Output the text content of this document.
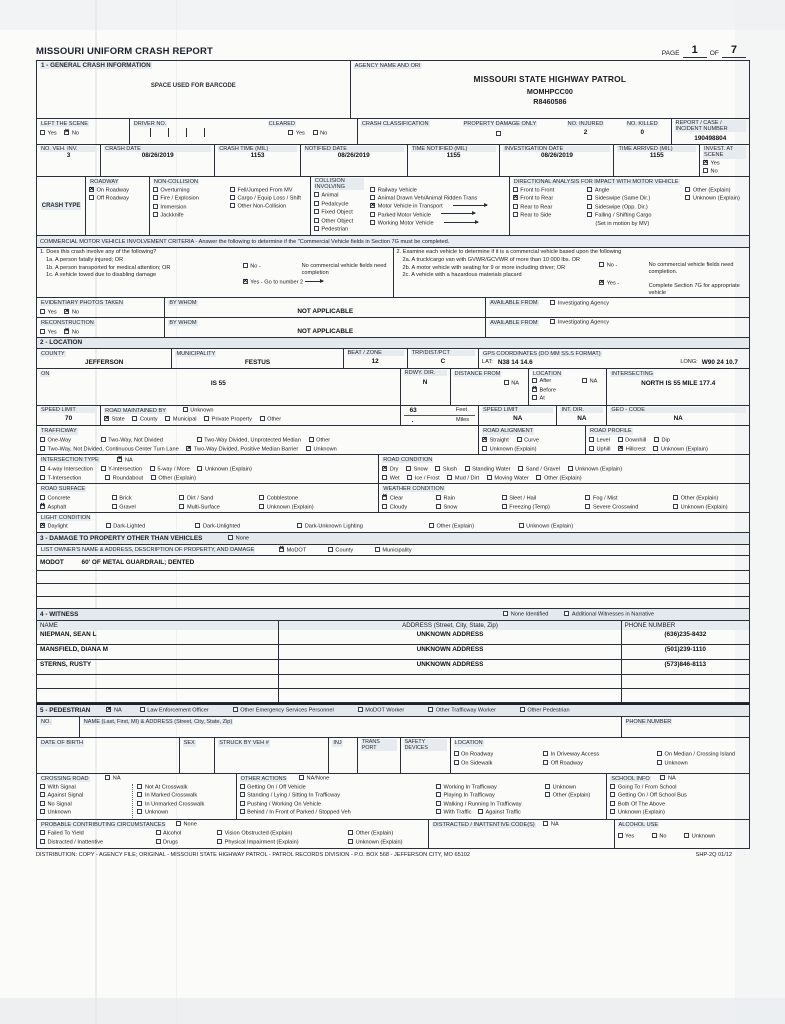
MISSOURI UNIFORM CRASH REPORT	PAGE	1	OF	7
1 - GENERAL CRASH INFORMATION
SPACE USED FOR BARCODE
	AGENCY NAME AND ORI
MISSOURI STATE HIGHWAY PATROL
MOMHPCC00
R8460586
LEFT THE SCENE
Yes ×	No
	DRIVER NO.	CLEARED
Yes	No
	CRASH CLASSIFICATION	PROPERTY DAMAGE ONLY	NO. INJURED
2
	NO. KILLED
0

REPORT / CASE / INCIDENT NUMBER
190498804
NO. VEH. INV.
3

CRASH DATE
08/26/2019

CRASH TIME (MIL)
1153

NOTIFIED DATE
08/26/2019

TIME NOTIFIED (MIL)
1155

INVESTIGATION DATE
08/26/2019

TIME ARRIVED (MIL)
1155
	INVEST. AT SCENE
×Yes No
CRASH TYPE	ROADWAY
×On Roadway
Off Roadway
	NON-COLLISION
Overturning
Fire / Explosion
Immersion
Jackknife

Fell/Jumped From MV
Cargo / Equip Loss / Shift
Other Non-Collision
	COLLISION INVOLVING
Animal
Pedalcycle
Fixed Object
Other Object
Pedestrian

Railway Vehicle
Animal Drawn Veh/Animal Ridden Trans
×Motor Vehicle in Transport
Parked Motor Vehicle
Working Motor Vehicle
	DIRECTIONAL ANALYSIS FOR IMPACT WITH MOTOR VEHICLE
Front to Front
×Front to Rear
Rear to Rear
Rear to Side
Angle
Sideswipe (Same Dir.)
Sideswipe (Opp. Dir.)
Falling / Shifting Cargo
(Set in motion by MV)
Other (Explain)
Unknown (Explain)
COMMERCIAL MOTOR VEHICLE INVOLVEMENT CRITERIA - Answer the following to determine if the "Commercial Vehicle fields in Section 7G must be completed.
1. Does this crash involve any of the following?
1a. A person fatally injured; OR
1b. A person transported for medical attention; OR
1c. A vehicle towed due to disabling damage
No -
×Yes - Go to number 2
No commercial vehicle fields need completion

2. Examine each vehicle to determine if it is a commercial vehicle based upon the following
2a. A truck/cargo van with GVWR/GCVWR of more than 10 000 lbs. OR
2b. A motor vehicle with seating for 9 or more including driver; OR
2c. A vehicle with a hazardous materials placard
No -
×Yes -
No commercial vehicle fields need completion.
Complete Section 7G for appropriate vehicle
EVIDENTIARY PHOTOS TAKEN
Yes ×	No
	BY WHOM
NOT APPLICABLE
	AVAILABLE FROM	Investigating Agency
RECONSTRUCTION
Yes ×	No
	BY WHOM
NOT APPLICABLE
	AVAILABLE FROM	Investigating Agency
2 - LOCATION
COUNTY
JEFFERSON
	MUNICIPALITY
FESTUS

BEAT / ZONE
12

TRP/DIST/PCT
C
	GPS COORDINATES (DO MM SS.S FORMAT)
LAT: N38 14 14.6	LONG: W90 24 10.7
ON
IS 55

RDWY. DIR.
N
	DISTANCE FROM
NA
	LOCATION
After	NA
×Before
At
	INTERSECTING
NORTH IS 55 MILE 177.4
SPEED LIMIT
70
	ROAD MAINTAINED BY	Unknown
×State	County	Municipal	Private Property	Other

63	Feet
.	Miles

SPEED LIMIT
NA

INT. DIR.
NA

GEO - CODE
NA
TRAFFICWAY
One-Way	Two-Way, Not Divided	Two-Way Divided, Unprotected Median	Other
Two-Way, Not Divided, Continuous Center Turn Lane ×	Two-Way Divided, Positive Median Barrier	Unknown
	ROAD ALIGNMENT
×Straight	Curve
Unknown (Explain)
	ROAD PROFILE
Level	Downhill	Dip
Uphill ×	Hillcrest	Unknown (Explain)
INTERSECTION TYPE ×	NA
4-way Intersection	Y-Intersection	5-way / More	Unknown (Explain)
T-Intersection	Roundabout	Other (Explain)
	ROAD CONDITION
×Dry	Snow	Slush	Standing Water	Sand / Gravel	Unknown (Explain)
Wet	Ice / Frost	Mud / Dirt	Moving Water	Other (Explain)
ROAD SURFACE
Concrete	Brick	Dirt / Sand	Cobblestone
×Asphalt	Gravel	Multi-Surface	Unknown (Explain)
	WEATHER CONDITION
×Clear	Rain	Sleet / Hail	Fog / Mist	Other (Explain)
Cloudy	Snow	Freezing (Temp)	Severe Crosswind	Unknown (Explain)
LIGHT CONDITION
×Daylight	Dark-Lighted	Dark-Unlighted	Dark-Unknown Lighting	Other (Explain)	Unknown (Explain)
3 - DAMAGE TO PROPERTY OTHER THAN VEHICLES	None
LIST OWNER'S NAME & ADDRESS, DESCRIPTION OF PROPERTY, AND DAMAGE ×	MoDOT	County	Municipality
MODOT	60' OF METAL GUARDRAIL; DENTED
4 - WITNESS	None Identified	Additional Witnesses in Narrative
NAME	ADDRESS (Street, City, State, Zip)	PHONE NUMBER
NIEPMAN, SEAN L	UNKNOWN ADDRESS	(636)235-8432
MANSFIELD, DIANA M	UNKNOWN ADDRESS	(501)239-1110
STERNS, RUSTY	UNKNOWN ADDRESS	(573)846-8113

5 - PEDESTRIAN ×	NA	Law Enforcement Officer	Other Emergency Services Personnel	MoDOT Worker	Other Trafficway Worker	Other Pedestrian
NO.	NAME (Last, First, MI) & ADDRESS (Street, City, State, Zip)	PHONE NUMBER
DATE OF BIRTH	SEX	STRUCK BY VEH #	INJ	TRANS PORT

SAFETY DEVICES
	LOCATION
On Roadway	In Driveway Access	On Median / Crossing Island
On Sidewalk	Off Roadway	Unknown
CROSSING ROAD	NA
With Signal
Against Signal
No Signal
Unknown
Not At Crosswalk
In Marked Crosswalk
In Unmarked Crosswalk
Unknown
	OTHER ACTIONS	NA/None
Getting On / Off Vehicle
Standing / Lying / Sitting In Trafficway
Pushing / Working On Vehicle
Behind / In Front of Parked / Stopped Veh
Working In Trafficway
Playing In Trafficway
Walking / Running In Trafficway
With Traffic	Against Traffic
Unknown
Other (Explain)
	SCHOOL INFO	NA
Going To / From School
Getting On / Off School Bus
Both Of The Above
Unknown (Explain)
PROBABLE CONTRIBUTING CIRCUMSTANCES	None
Failed To Yield
Distracted / Inattentive
Alcohol
Drugs
Vision Obstructed (Explain)
Physical Impairment (Explain)
Other (Explain)
Unknown (Explain)
	DISTRACTED / INATTENTIVE CODE(S)	NA	ALCOHOL USE
Yes	No	Unknown
DISTRIBUTION: COPY - AGENCY FILE; ORIGINAL - MISSOURI STATE HIGHWAY PATROL - PATROL RECORDS DIVISION - P.O. BOX 568 - JEFFERSON CITY, MO 65102	SHP-2Q 01/12
